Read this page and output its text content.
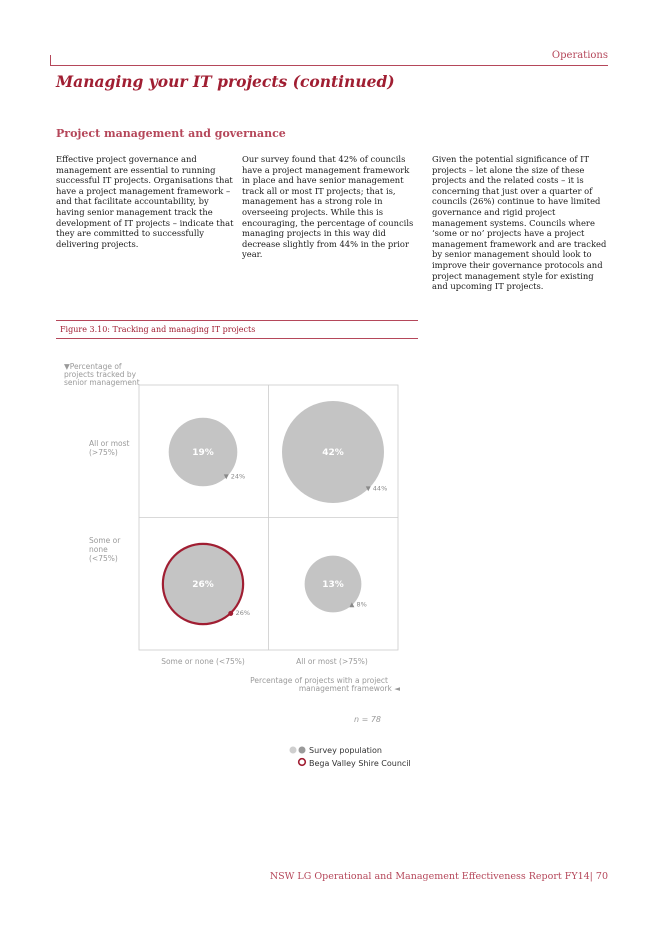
Operations
Managing your IT projects (continued)
Project management and governance

Effective project governance and management are essential to running successful IT projects. Organisations that have a project management framework – and that facilitate accountability, by having senior management track the development of IT projects – indicate that they are committed to successfully delivering projects.

Our survey found that 42% of councils have a project management framework in place and have senior management track all or most IT projects; that is, management has a strong role in overseeing projects. While this is encouraging, the percentage of councils managing projects in this way did decrease slightly from 44% in the prior year.

Given the potential significance of IT projects – let alone the size of these projects and the related costs – it is concerning that just over a quarter of councils (26%) continue to have limited governance and rigid project management systems. Councils where ‘some or no’ projects have a project management framework and are tracked by senior management should look to improve their governance protocols and project management style for existing and upcoming IT projects.

Figure 3.10: Tracking and managing IT projects
▼Percentage of
projects tracked by
senior management
All or most
(>75%)
Some or
none
(<75%)
19%
▼ 24%
42%
▼ 44%
26%
● 26%
13%
▲ 8%
Some or none (<75%)	All or most (>75%)
Percentage of projects with a project
management framework ◄
n = 78
Survey population
Bega Valley Shire Council
NSW LG Operational and Management Effectiveness Report FY14| 70
